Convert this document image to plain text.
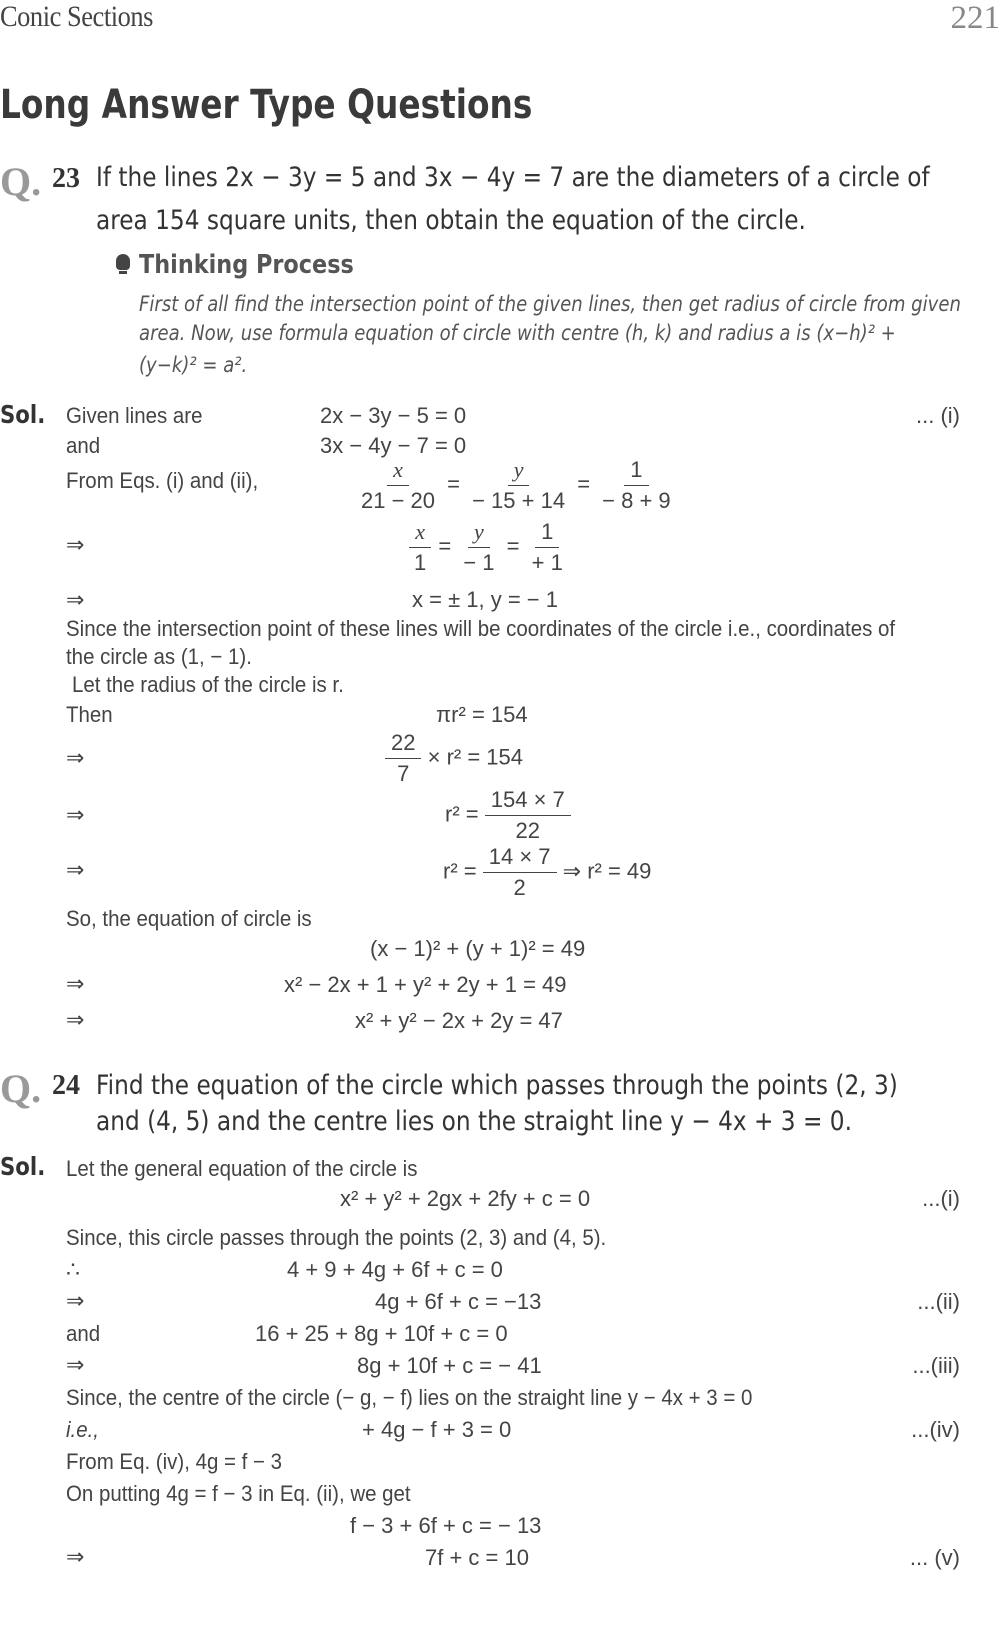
Conic Sections	221
Long Answer Type Questions
Q. 23 If the lines 2x − 3y = 5 and 3x − 4y = 7 are the diameters of a circle of
area 154 square units, then obtain the equation of the circle.
Thinking Process
First of all find the intersection point of the given lines, then get radius of circle from given
area. Now, use formula equation of circle with centre (h, k) and radius a is (x−h)² +
(y−k)² = a².
Sol. Given lines are	2x − 3y − 5 = 0	... (i)
and	3x − 4y − 7 = 0
From Eqs. (i) and (ii),	$\frac{x}{21 - 20} = \frac{y}{- 15 + 14} = \frac{1}{- 8 + 9}$
⇒	$\frac{x}{1} = \frac{y}{- 1} = \frac{1}{+ 1}$
⇒	x = ± 1, y = − 1
Since the intersection point of these lines will be coordinates of the circle i.e., coordinates of
the circle as (1, − 1).
Let the radius of the circle is r.
Then	πr² = 154
⇒	$\frac{22}{7} \times r^2 = 154$
⇒	$r^2 = \frac{154 \times 7}{22}$
⇒	$r^2 = \frac{14 \times 7}{2}$ ⇒ r² = 49
So, the equation of circle is
(x − 1)² + (y + 1)² = 49
⇒	x² − 2x + 1 + y² + 2y + 1 = 49
⇒	x² + y² − 2x + 2y = 47
Q. 24 Find the equation of the circle which passes through the points (2, 3)
and (4, 5) and the centre lies on the straight line y − 4x + 3 = 0.
Sol. Let the general equation of the circle is
x² + y² + 2gx + 2fy + c = 0	...(i)
Since, this circle passes through the points (2, 3) and (4, 5).
∴	4 + 9 + 4g + 6f + c = 0
⇒	4g + 6f + c = −13	...(ii)
and	16 + 25 + 8g + 10f + c = 0
⇒	8g + 10f + c = − 41	...(iii)
Since, the centre of the circle (− g, − f) lies on the straight line y − 4x + 3 = 0
i.e.,	+ 4g − f + 3 = 0	...(iv)
From Eq. (iv), 4g = f − 3
On putting 4g = f − 3 in Eq. (ii), we get
f − 3 + 6f + c = − 13
⇒	7f + c = 10	... (v)
